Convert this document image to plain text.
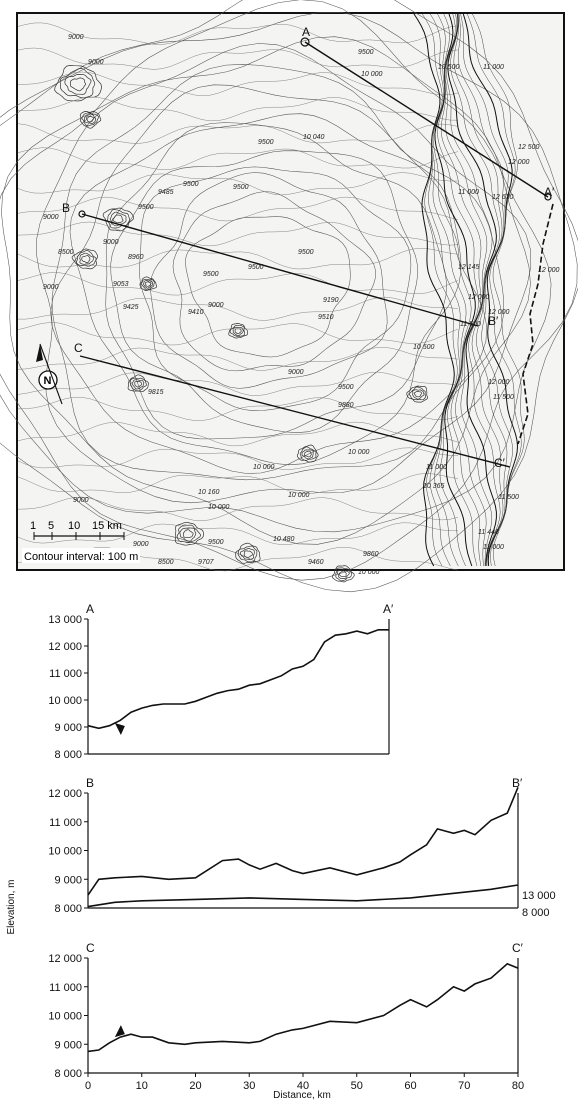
A
A′
B
B′
C
C′
9000
9000
9500
10 000
10 500	11 000
12 000
12 500
9500
10 040
9485
9500	9500
9500
9000
11 000
12 630
9000
8500
8960
9053
9500
9500
9500
12 145
12 000
9000
9425
9410
9000
9190
9510
10 500
11 500
12 000
9000
9500
9815
9880
10 000
12 000
11 500
10 000
10 160
10 000
11 000
10 365
11 500
9000
9500
10 000
10 480
11 000
11 448
9000
8500	9707	9460
9860
10 000
12 000
N
1 5 10 15 km
Contour interval: 100 m
8 000
9 000
10 000
11 000
12 000
13 000
A	A′
8 000
9 000
10 000
11 000
12 000
B	B′
13 000
8 000
8 000
9 000
10 000
11 000
12 000
C	C′
0	10	20	30	40	50	60	70	80
Elevation, m
Distance, km
